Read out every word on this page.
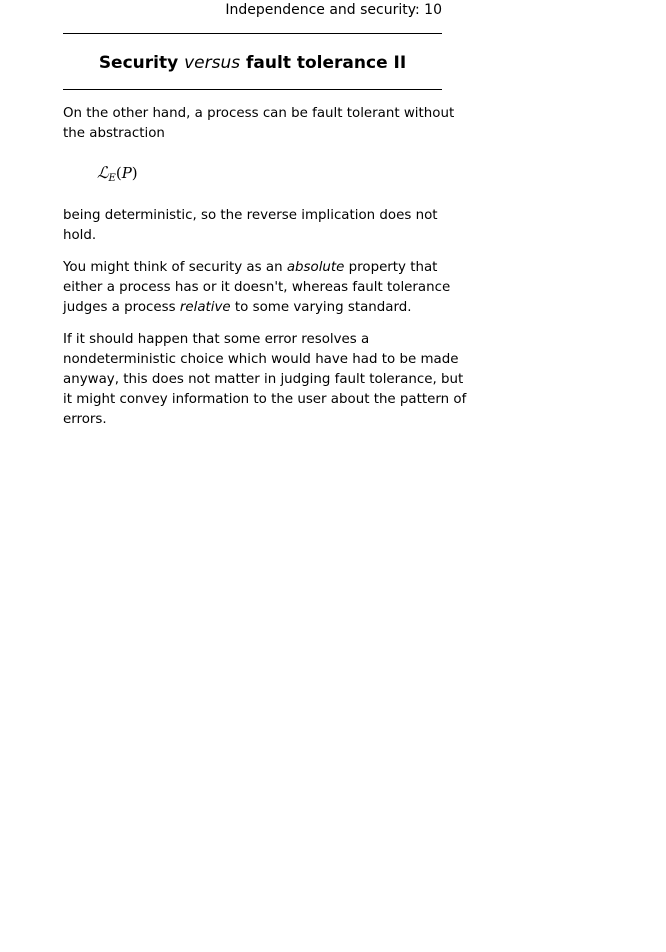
Independence and security: 10
Security versus fault tolerance II

On the other hand, a process can be fault tolerant without
the abstraction

ℒ$_E$(P)

being deterministic, so the reverse implication does not
hold.

You might think of security as an absolute property that
either a process has or it doesn't, whereas fault tolerance
judges a process relative to some varying standard.

If it should happen that some error resolves a
nondeterministic choice which would have had to be made
anyway, this does not matter in judging fault tolerance, but
it might convey information to the user about the pattern of
errors.
